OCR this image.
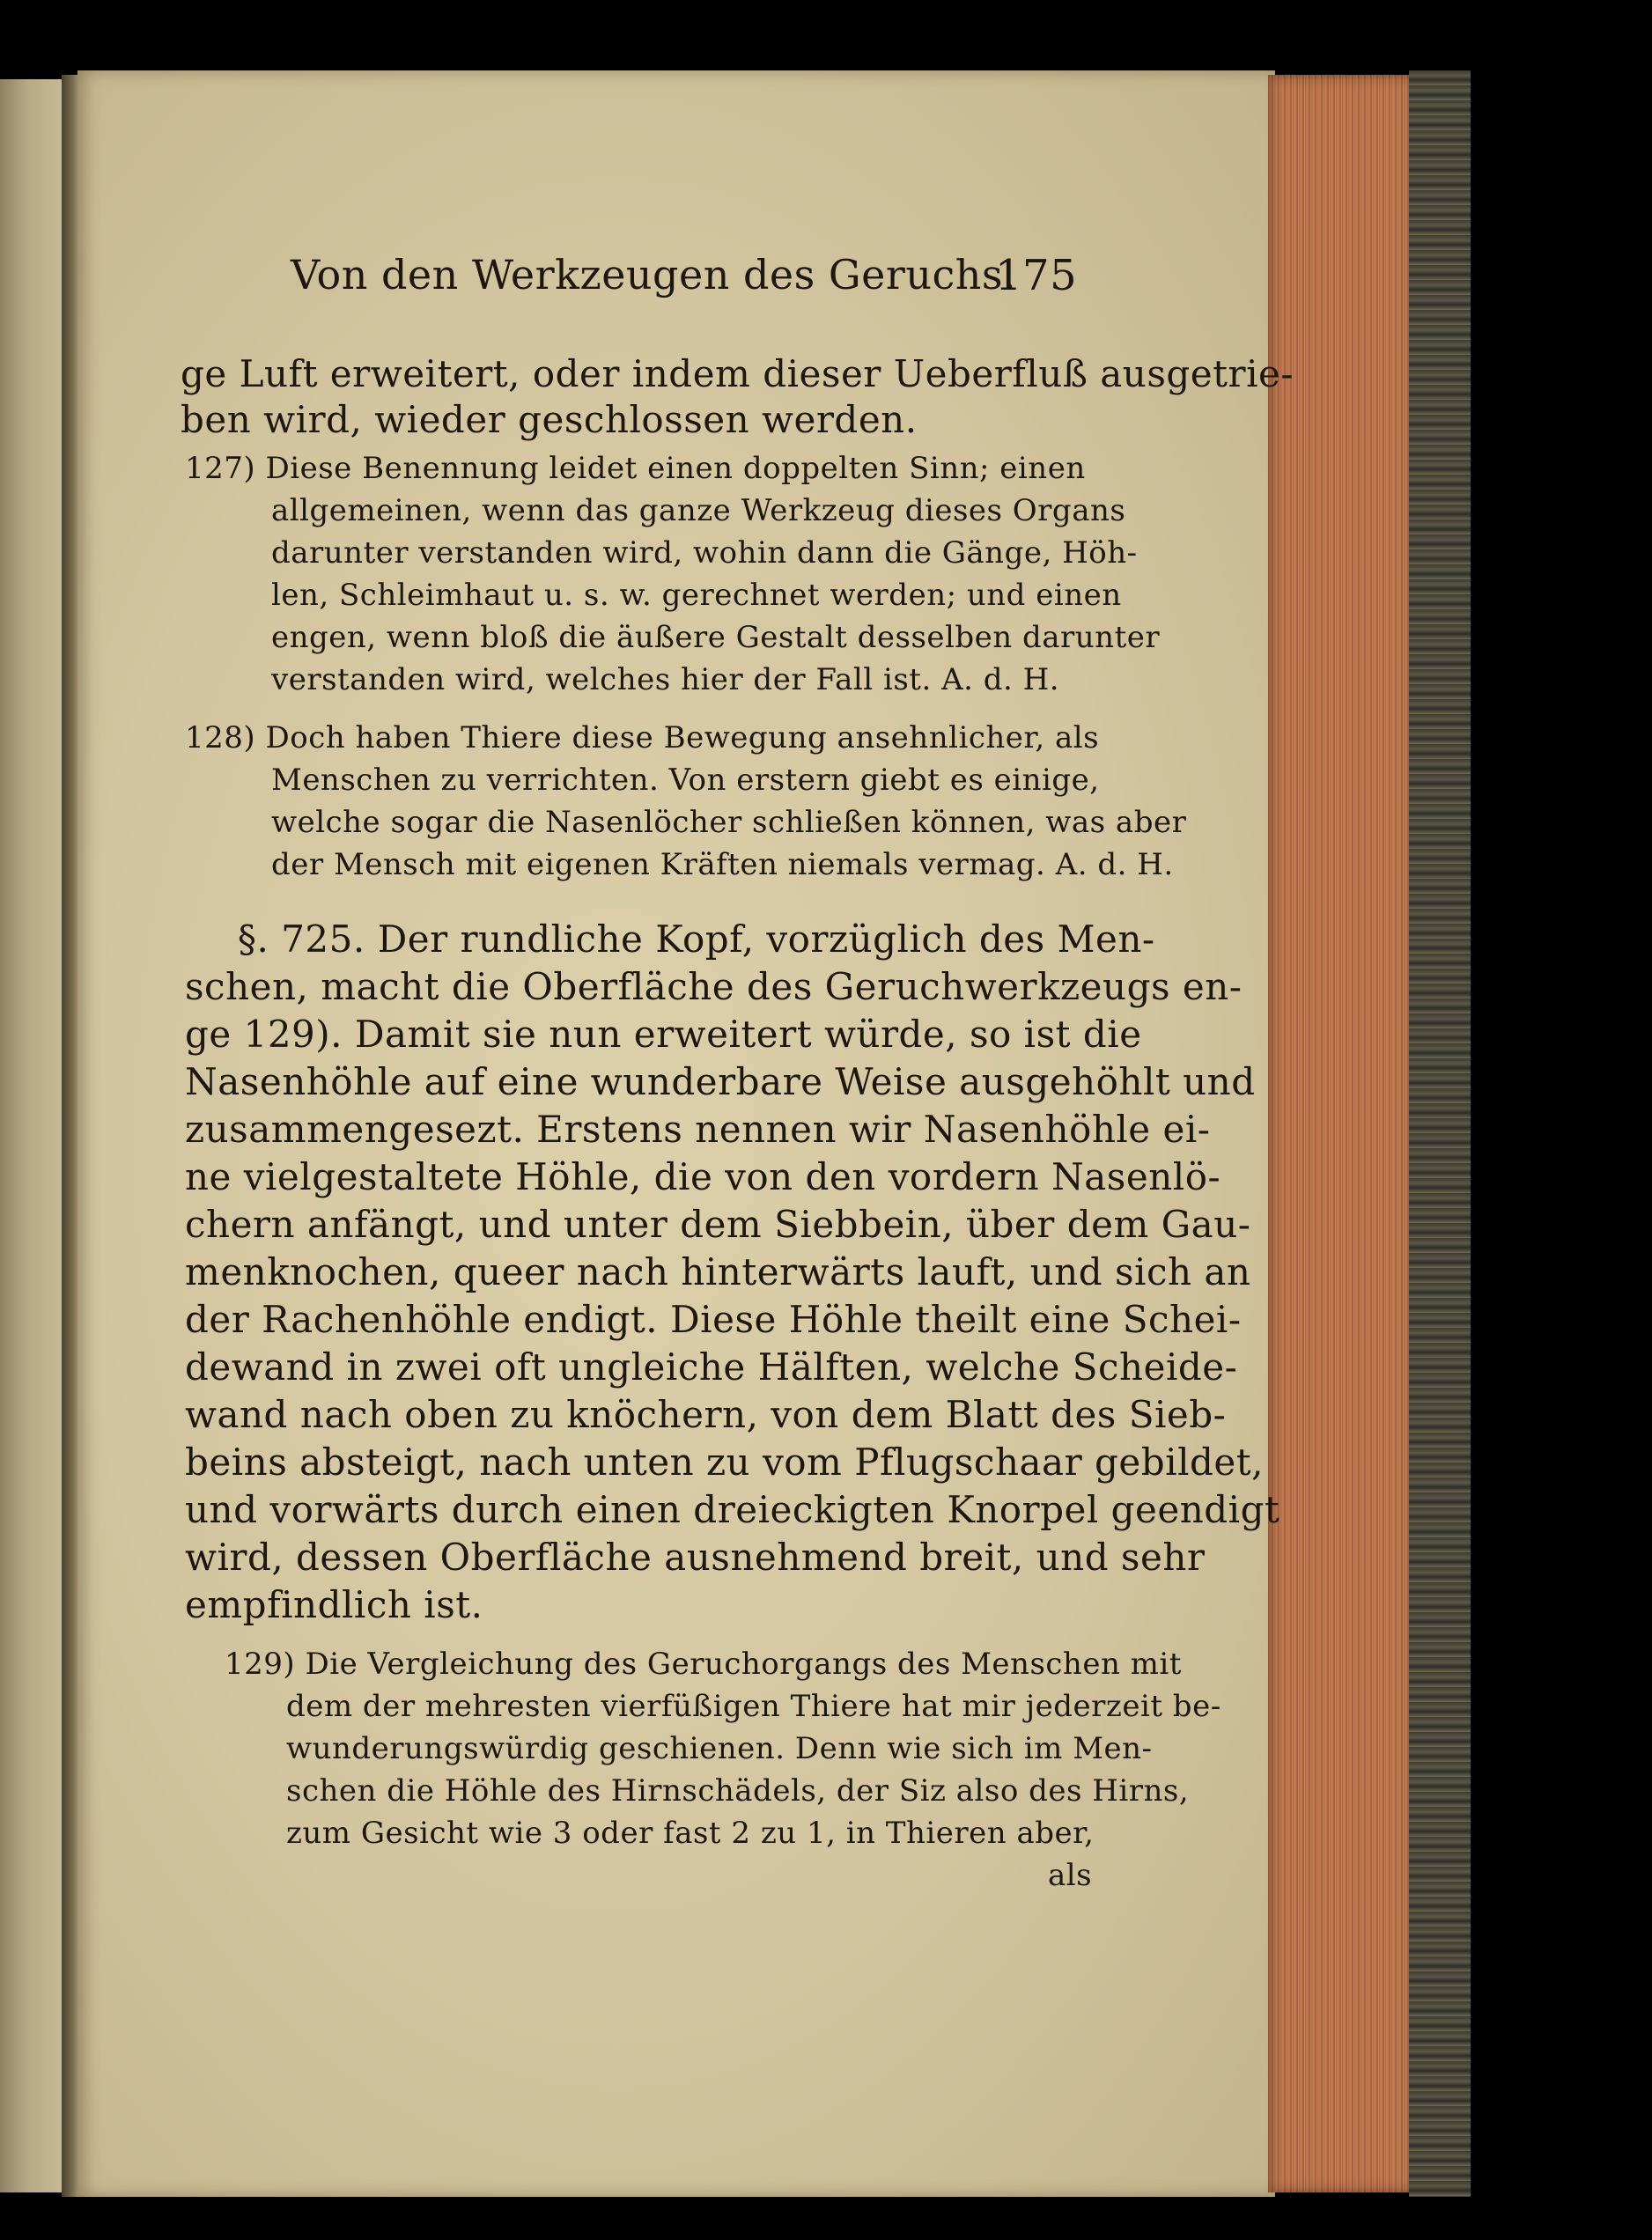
Von den Werkzeugen des Geruchs.
175
ge Luft erweitert, oder indem dieser Ueberfluß ausgetrie-
ben wird, wieder geschlossen werden.
127) Diese Benennung leidet einen doppelten Sinn; einen
allgemeinen, wenn das ganze Werkzeug dieses Organs
darunter verstanden wird, wohin dann die Gänge, Höh-
len, Schleimhaut u. s. w. gerechnet werden; und einen
engen, wenn bloß die äußere Gestalt desselben darunter
verstanden wird, welches hier der Fall ist. A. d. H.
128) Doch haben Thiere diese Bewegung ansehnlicher, als
Menschen zu verrichten. Von erstern giebt es einige,
welche sogar die Nasenlöcher schließen können, was aber
der Mensch mit eigenen Kräften niemals vermag. A. d. H.
§. 725. Der rundliche Kopf, vorzüglich des Men-
schen, macht die Oberfläche des Geruchwerkzeugs en-
ge 129). Damit sie nun erweitert würde, so ist die
Nasenhöhle auf eine wunderbare Weise ausgehöhlt und
zusammengesezt. Erstens nennen wir Nasenhöhle ei-
ne vielgestaltete Höhle, die von den vordern Nasenlö-
chern anfängt, und unter dem Siebbein, über dem Gau-
menknochen, queer nach hinterwärts lauft, und sich an
der Rachenhöhle endigt. Diese Höhle theilt eine Schei-
dewand in zwei oft ungleiche Hälften, welche Scheide-
wand nach oben zu knöchern, von dem Blatt des Sieb-
beins absteigt, nach unten zu vom Pflugschaar gebildet,
und vorwärts durch einen dreieckigten Knorpel geendigt
wird, dessen Oberfläche ausnehmend breit, und sehr
empfindlich ist.
129) Die Vergleichung des Geruchorgangs des Menschen mit
dem der mehresten vierfüßigen Thiere hat mir jederzeit be-
wunderungswürdig geschienen. Denn wie sich im Men-
schen die Höhle des Hirnschädels, der Siz also des Hirns,
zum Gesicht wie 3 oder fast 2 zu 1, in Thieren aber,
als
